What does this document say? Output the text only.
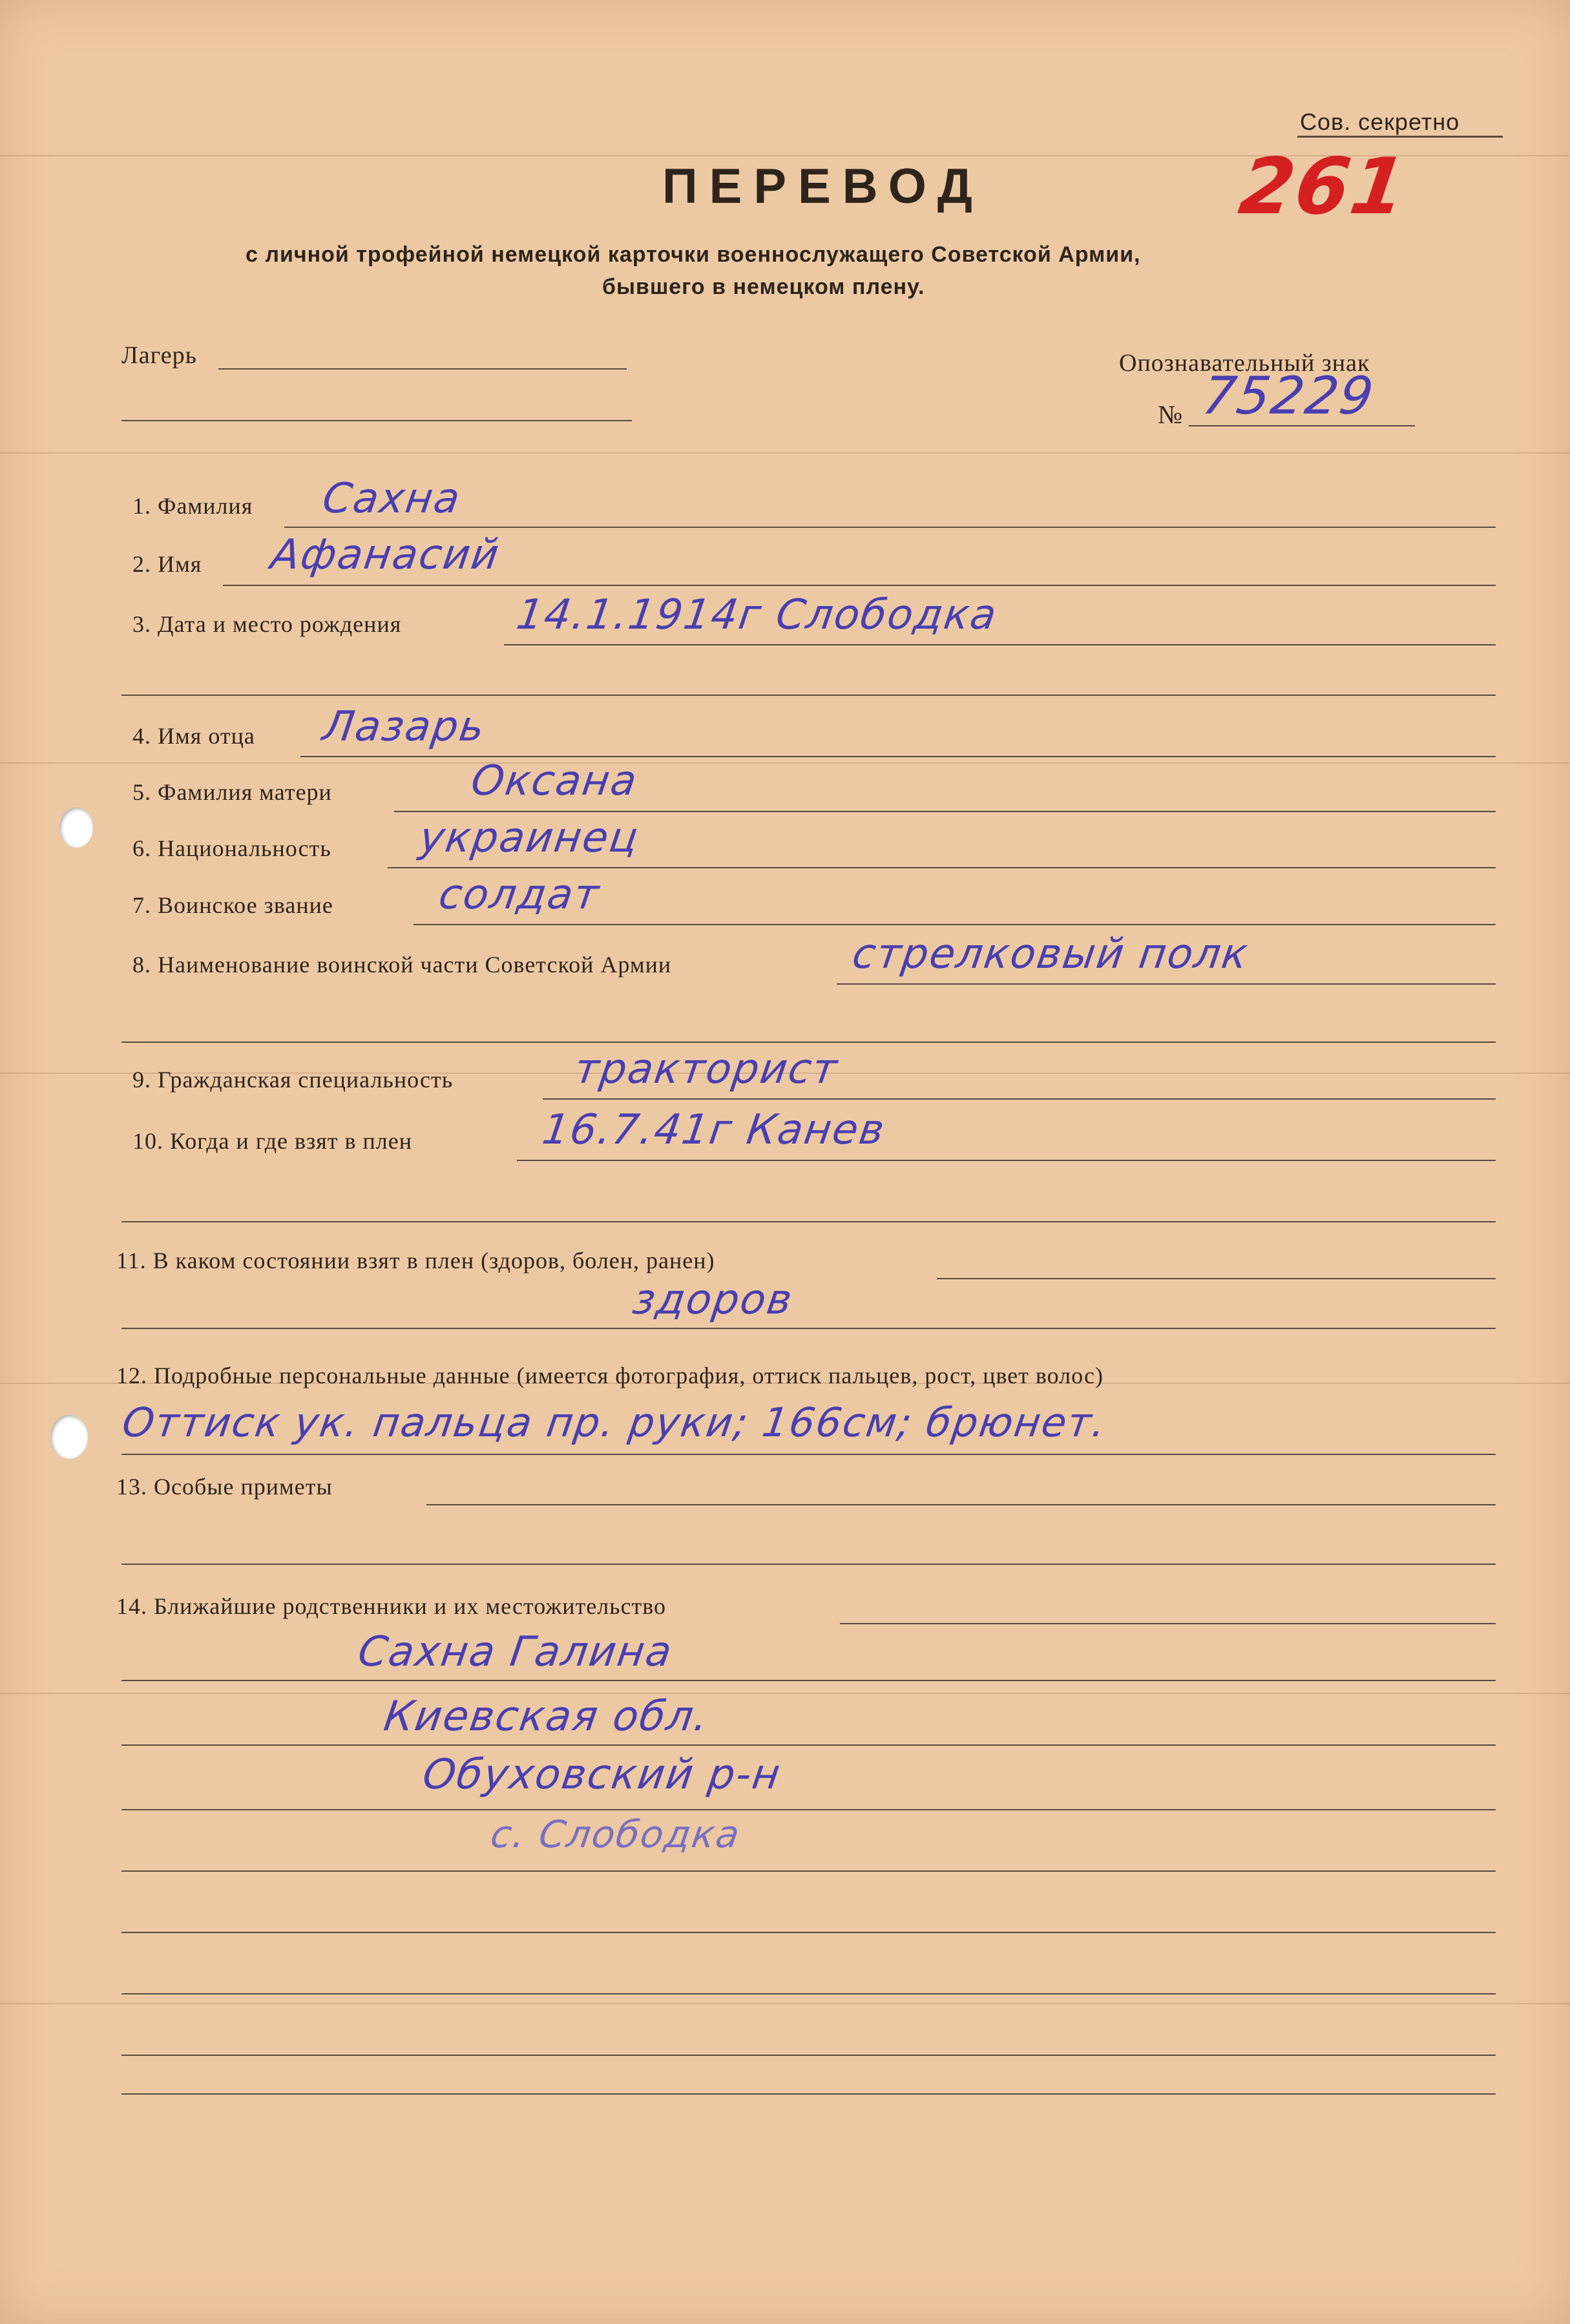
Сов. секретно
261
ПЕРЕВОД
с личной трофейной немецкой карточки военнослужащего Советской Армии,
бывшего в немецком плену.
Лагерь	Опознавательный знак
№ 75229
1. Фамилия Сахна
2. Имя Афанасий
3. Дата и место рождения	14.1.1914г Слободка
4. Имя отца Лазарь
5. Фамилия матери	Оксана
6. Национальность украинец
7. Воинское звание солдат
8. Наименование воинской части Советской Армии	стрелковый полк
9. Гражданская специальность	тракторист
10. Когда и где взят в плен	16.7.41г Канев
11. В каком состоянии взят в плен (здоров, болен, ранен)
здоров
12. Подробные персональные данные (имеется фотография, оттиск пальцев, рост, цвет волос)
Оттиск ук. пальца пр. руки; 166см; брюнет.
13. Особые приметы
14. Ближайшие родственники и их местожительство
Сахна Галина
Киевская обл.
Обуховский р-н
с. Слободка
